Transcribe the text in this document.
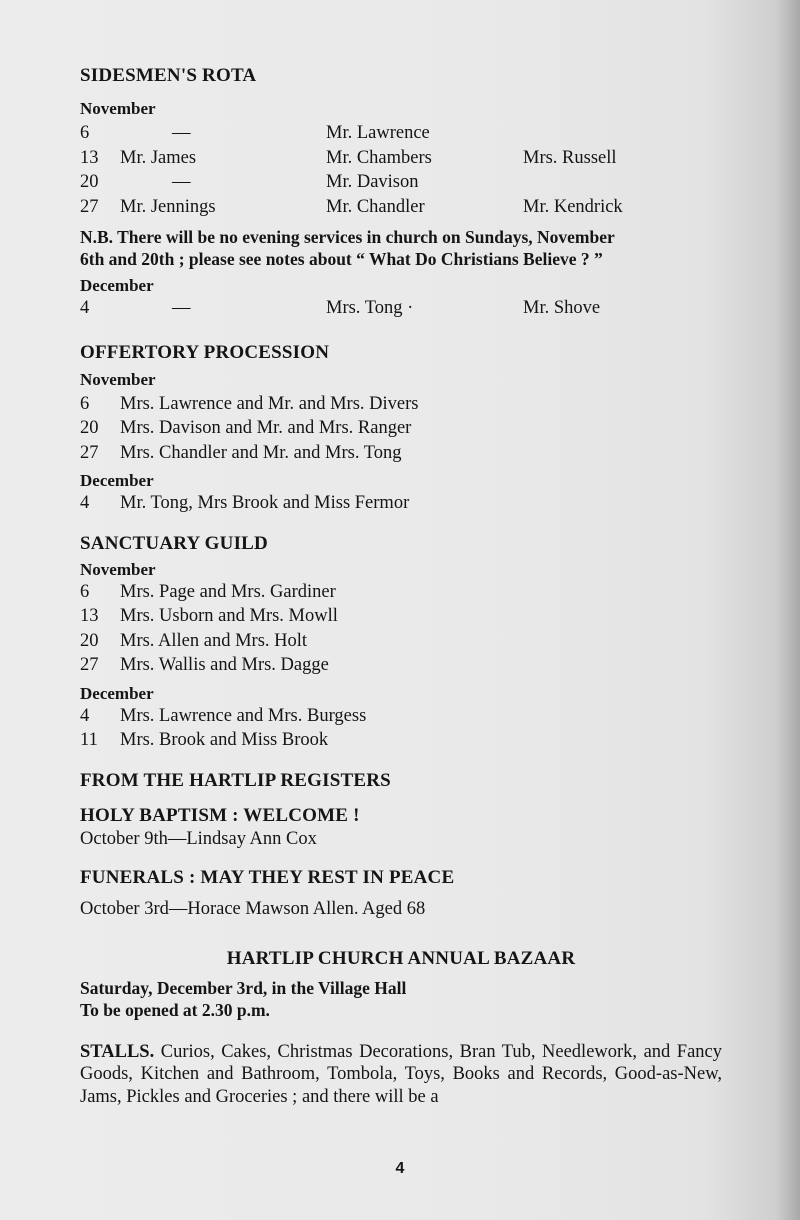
SIDESMEN'S ROTA

November

6	—	Mr. Lawrence
13	Mr. James	Mr. Chambers	Mrs. Russell
20	—	Mr. Davison
27	Mr. Jennings	Mr. Chandler	Mr. Kendrick

N.B. There will be no evening services in church on Sundays, November

6th and 20th ; please see notes about “ What Do Christians Believe ? ”

December

4	—	Mrs. Tong ·	Mr. Shove
OFFERTORY PROCESSION

November

6	Mrs. Lawrence and Mr. and Mrs. Divers
20	Mrs. Davison and Mr. and Mrs. Ranger
27	Mrs. Chandler and Mr. and Mrs. Tong

December

4	Mr. Tong, Mrs Brook and Miss Fermor
SANCTUARY GUILD

November

6	Mrs. Page and Mrs. Gardiner
13	Mrs. Usborn and Mrs. Mowll
20	Mrs. Allen and Mrs. Holt
27	Mrs. Wallis and Mrs. Dagge

December

4	Mrs. Lawrence and Mrs. Burgess
11	Mrs. Brook and Miss Brook
FROM THE HARTLIP REGISTERS
HOLY BAPTISM : WELCOME !

October 9th—Lindsay Ann Cox

FUNERALS : MAY THEY REST IN PEACE

October 3rd—Horace Mawson Allen. Aged 68

HARTLIP CHURCH ANNUAL BAZAAR

Saturday, December 3rd, in the Village Hall

To be opened at 2.30 p.m.

STALLS. Curios, Cakes, Christmas Decorations, Bran Tub, Needlework, and Fancy Goods, Kitchen and Bathroom, Tombola, Toys, Books and Records, Good-as-New, Jams, Pickles and Groceries ; and there will be a

4
